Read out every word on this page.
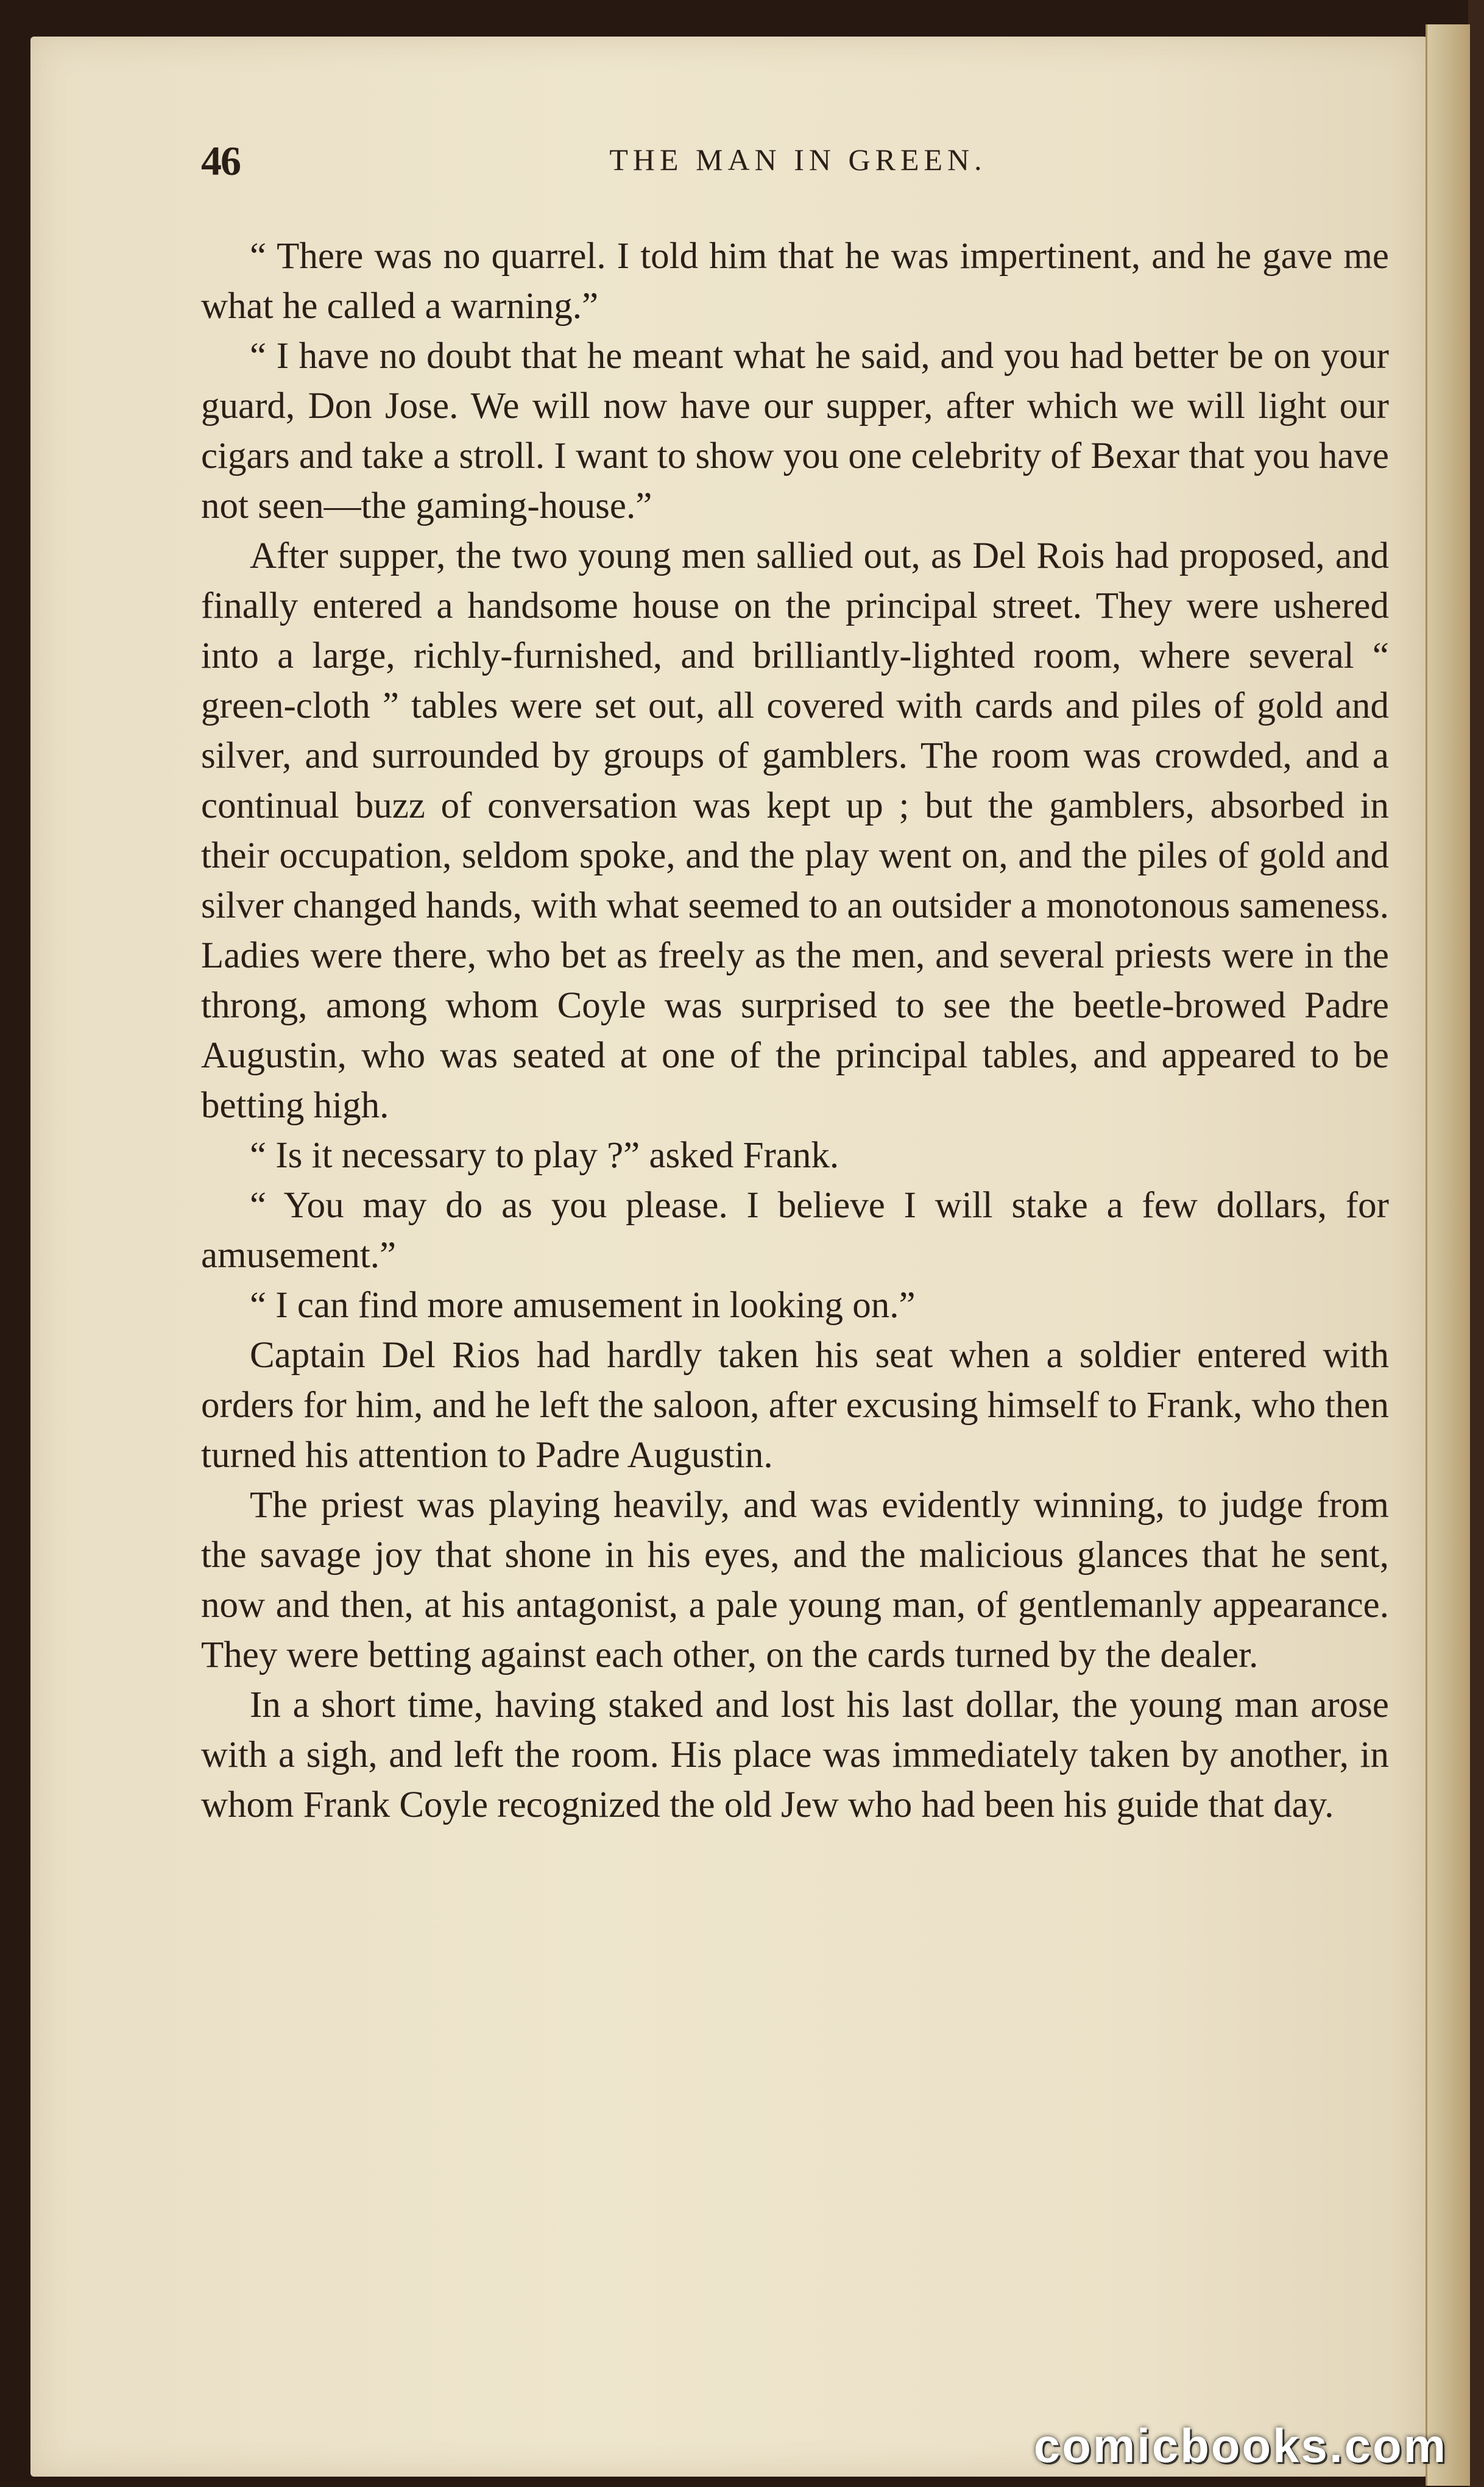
46	THE MAN IN GREEN.

“ There was no quarrel. I told him that he was impertinent, and he gave me what he called a warning.”

“ I have no doubt that he meant what he said, and you had better be on your guard, Don Jose. We will now have our supper, after which we will light our cigars and take a stroll. I want to show you one celebrity of Bexar that you have not seen—the gaming-house.”

After supper, the two young men sallied out, as Del Rois had proposed, and finally entered a handsome house on the principal street. They were ushered into a large, richly-furnished, and brilliantly-lighted room, where several “ green-cloth ” tables were set out, all covered with cards and piles of gold and silver, and surrounded by groups of gamblers. The room was crowded, and a continual buzz of conversation was kept up ; but the gamblers, absorbed in their occupation, seldom spoke, and the play went on, and the piles of gold and silver changed hands, with what seemed to an outsider a monotonous sameness. Ladies were there, who bet as freely as the men, and several priests were in the throng, among whom Coyle was surprised to see the beetle-browed Padre Augustin, who was seated at one of the principal tables, and appeared to be betting high.

“ Is it necessary to play ?” asked Frank.

“ You may do as you please. I believe I will stake a few dollars, for amusement.”

“ I can find more amusement in looking on.”

Captain Del Rios had hardly taken his seat when a soldier entered with orders for him, and he left the saloon, after excusing himself to Frank, who then turned his attention to Padre Augustin.

The priest was playing heavily, and was evidently winning, to judge from the savage joy that shone in his eyes, and the malicious glances that he sent, now and then, at his antagonist, a pale young man, of gentlemanly appearance. They were betting against each other, on the cards turned by the dealer.

In a short time, having staked and lost his last dollar, the young man arose with a sigh, and left the room. His place was immediately taken by another, in whom Frank Coyle recognized the old Jew who had been his guide that day.

comicbooks.com
